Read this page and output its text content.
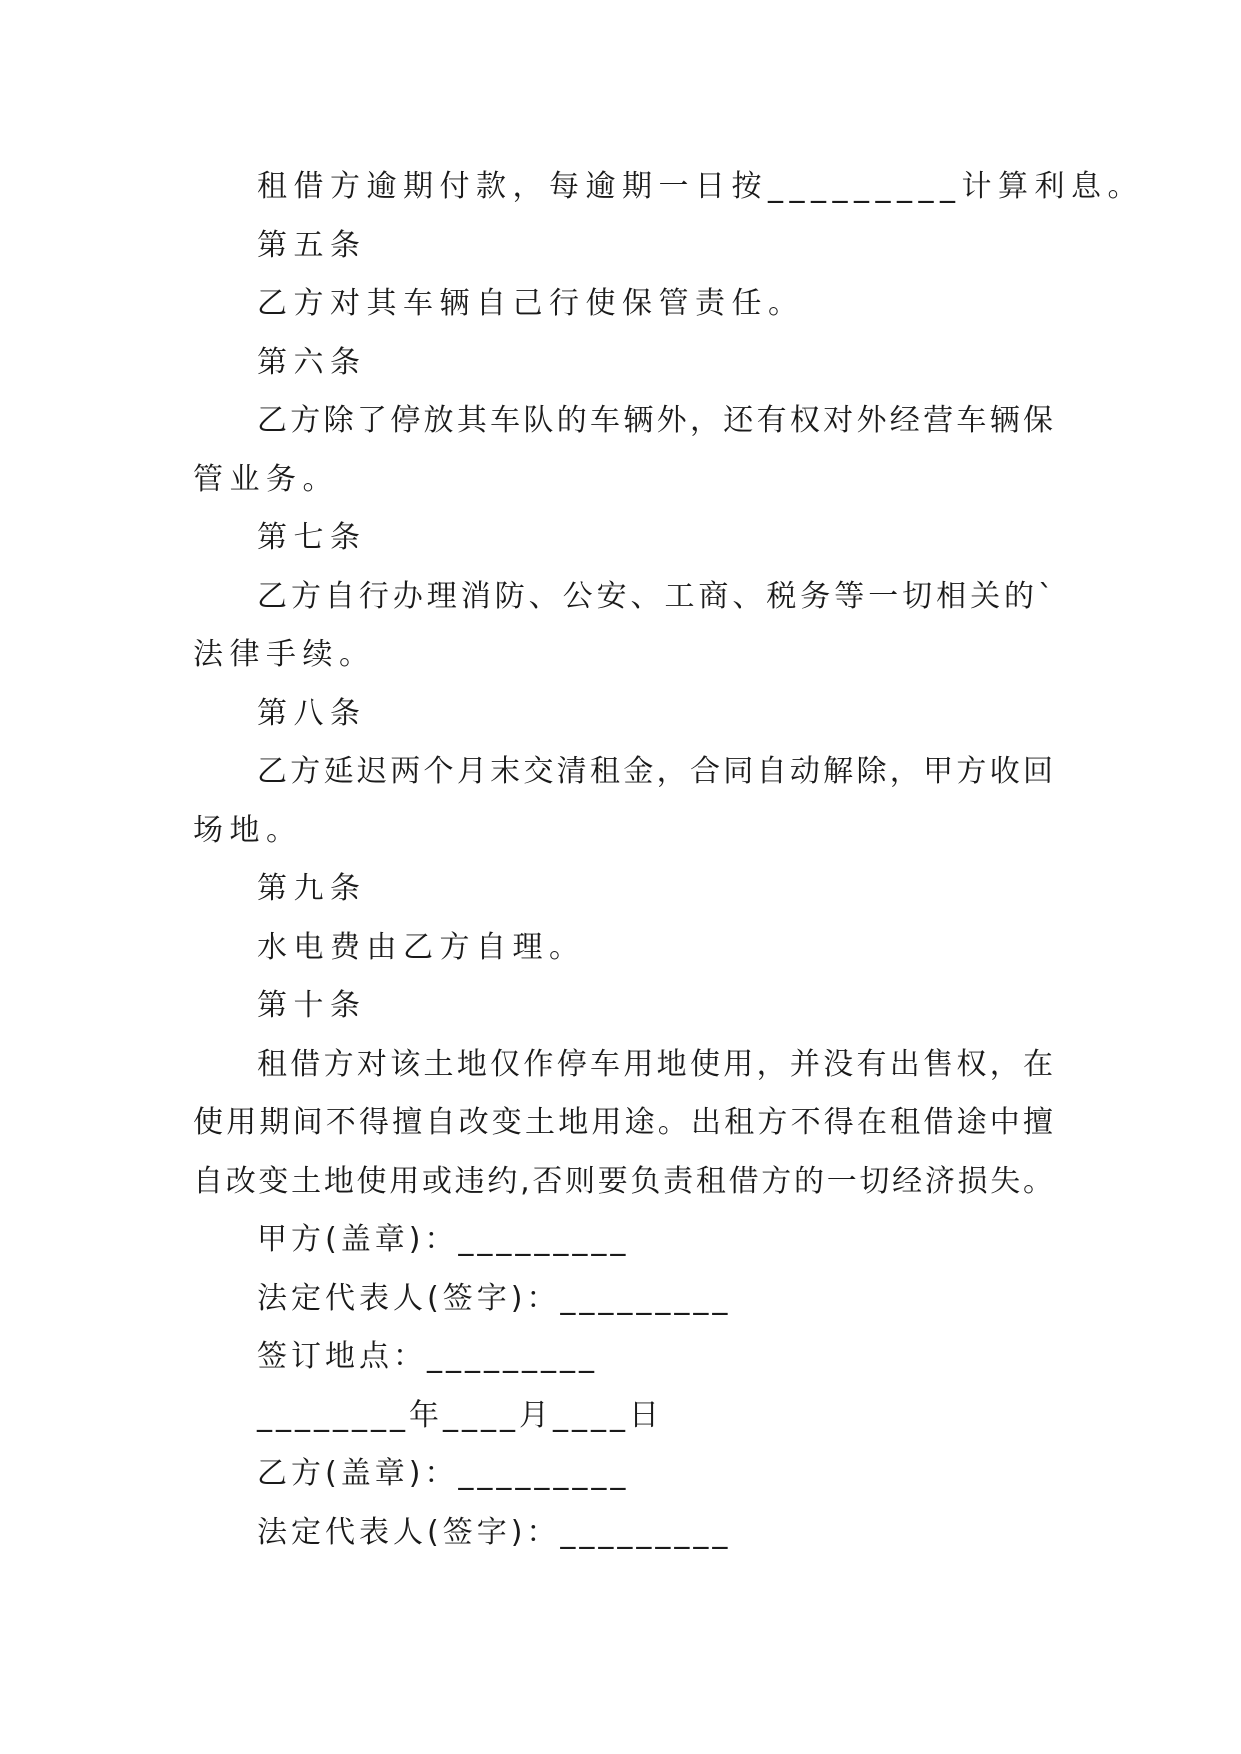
租借方逾期付款，每逾期一日按_________计算利息。
第五条
乙方对其车辆自己行使保管责任。
第六条
乙方除了停放其车队的车辆外，还有权对外经营车辆保
管业务。
第七条
乙方自行办理消防、公安、工商、税务等一切相关的`
法律手续。
第八条
乙方延迟两个月末交清租金，合同自动解除，甲方收回
场地。
第九条
水电费由乙方自理。
第十条
租借方对该土地仅作停车用地使用，并没有出售权，在
使用期间不得擅自改变土地用途。出租方不得在租借途中擅
自改变土地使用或违约,否则要负责租借方的一切经济损失。
甲方(盖章)：_________
法定代表人(签字)：_________
签订地点：_________
________年____月____日
乙方(盖章)：_________
法定代表人(签字)：_________
